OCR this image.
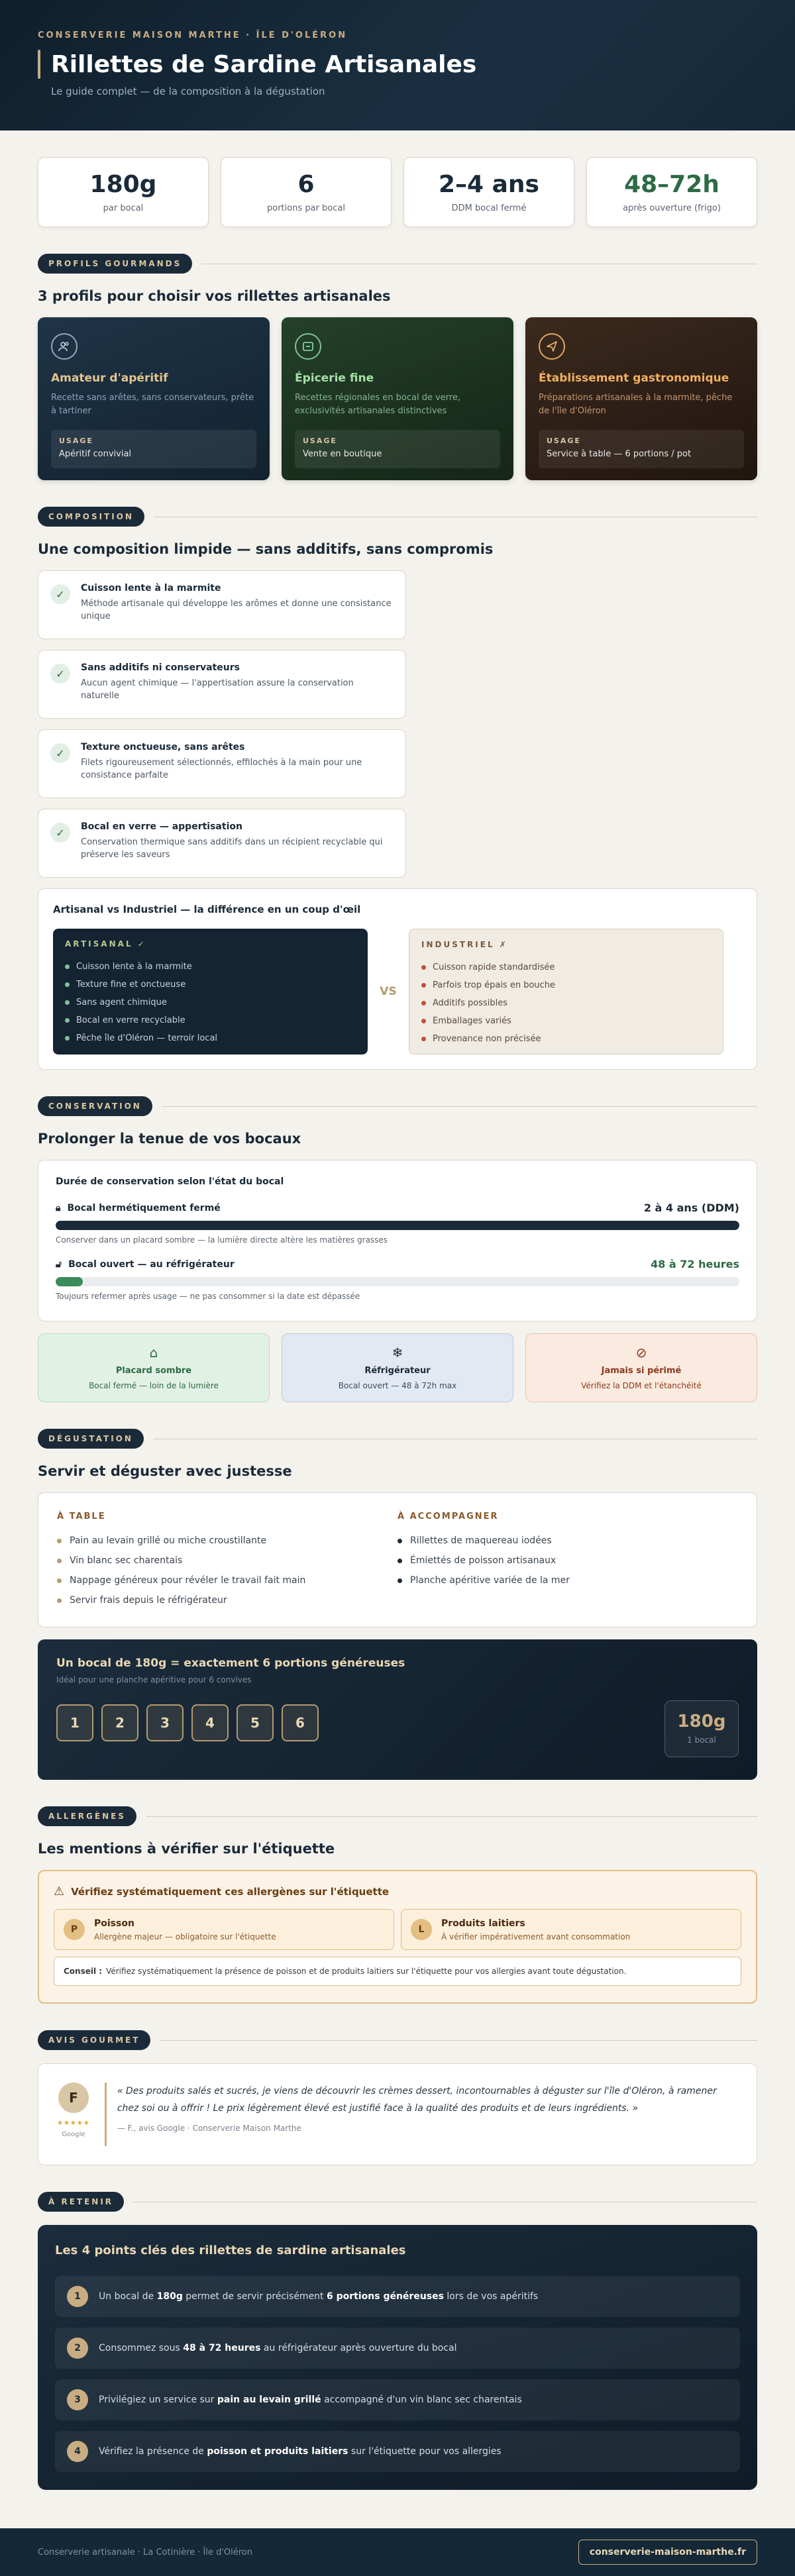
CONSERVERIE MAISON MARTHE · ÎLE D'OLÉRON
Rillettes de Sardine Artisanales
Le guide complet — de la composition à la dégustation
180g
par bocal
6
portions par bocal
2–4 ans
DDM bocal fermé
48–72h
après ouverture (frigo)
PROFILS GOURMANDS
3 profils pour choisir vos rillettes artisanales
Amateur d'apéritif
Recette sans arêtes, sans conservateurs, prête à tartiner
USAGE
Apéritif convivial
Épicerie fine
Recettes régionales en bocal de verre, exclusivités artisanales distinctives
USAGE
Vente en boutique
Établissement gastronomique
Préparations artisanales à la marmite, pêche de l'île d'Oléron
USAGE
Service à table — 6 portions / pot
COMPOSITION
Une composition limpide — sans additifs, sans compromis
✓	Cuisson lente à la marmite
Méthode artisanale qui développe les arômes et donne une consistance unique
✓	Sans additifs ni conservateurs
Aucun agent chimique — l'appertisation assure la conservation naturelle
✓	Texture onctueuse, sans arêtes
Filets rigoureusement sélectionnés, effilochés à la main pour une consistance parfaite
✓	Bocal en verre — appertisation
Conservation thermique sans additifs dans un récipient recyclable qui préserve les saveurs
Artisanal vs Industriel — la différence en un coup d'œil
ARTISANAL ✓
Cuisson lente à la marmite
Texture fine et onctueuse
Sans agent chimique
Bocal en verre recyclable
Pêche île d'Oléron — terroir local
VS
INDUSTRIEL ✗
Cuisson rapide standardisée
Parfois trop épais en bouche
Additifs possibles
Emballages variés
Provenance non précisée
CONSERVATION
Prolonger la tenue de vos bocaux
Durée de conservation selon l'état du bocal
🔒︎ Bocal hermétiquement fermé	2 à 4 ans (DDM)
Conserver dans un placard sombre — la lumière directe altère les matières grasses
🔓︎ Bocal ouvert — au réfrigérateur	48 à 72 heures
Toujours refermer après usage — ne pas consommer si la date est dépassée
⌂
Placard sombre
Bocal fermé — loin de la lumière
❄
Réfrigérateur
Bocal ouvert — 48 à 72h max
⊘
Jamais si périmé
Vérifiez la DDM et l'étanchéité
DÉGUSTATION
Servir et déguster avec justesse
À TABLE
Pain au levain grillé ou miche croustillante
Vin blanc sec charentais
Nappage généreux pour révéler le travail fait main
Servir frais depuis le réfrigérateur
À ACCOMPAGNER
Rillettes de maquereau iodées
Émiettés de poisson artisanaux
Planche apéritive variée de la mer
Un bocal de 180g = exactement 6 portions généreuses
Idéal pour une planche apéritive pour 6 convives
1	2	3	4	5	6	180g
1 bocal
ALLERGÈNES
Les mentions à vérifier sur l'étiquette
⚠ Vérifiez systématiquement ces allergènes sur l'étiquette
P
Poisson
Allergène majeur — obligatoire sur l'étiquette
L
Produits laitiers
À vérifier impérativement avant consommation
Conseil : Vérifiez systématiquement la présence de poisson et de produits laitiers sur l'étiquette pour vos allergies avant toute dégustation.
AVIS GOURMET
F
★★★★★
Google
« Des produits salés et sucrés, je viens de découvrir les crèmes dessert, incontournables à déguster sur l'île d'Oléron, à ramener chez soi ou à offrir ! Le prix légèrement élevé est justifié face à la qualité des produits et de leurs ingrédients. »
— F., avis Google · Conserverie Maison Marthe
À RETENIR
Les 4 points clés des rillettes de sardine artisanales
1	Un bocal de 180g permet de servir précisément 6 portions généreuses lors de vos apéritifs
2	Consommez sous 48 à 72 heures au réfrigérateur après ouverture du bocal
3	Privilégiez un service sur pain au levain grillé accompagné d'un vin blanc sec charentais
4	Vérifiez la présence de poisson et produits laitiers sur l'étiquette pour vos allergies
Conserverie artisanale · La Cotinière · Île d'Oléron	conserverie-maison-marthe.fr
